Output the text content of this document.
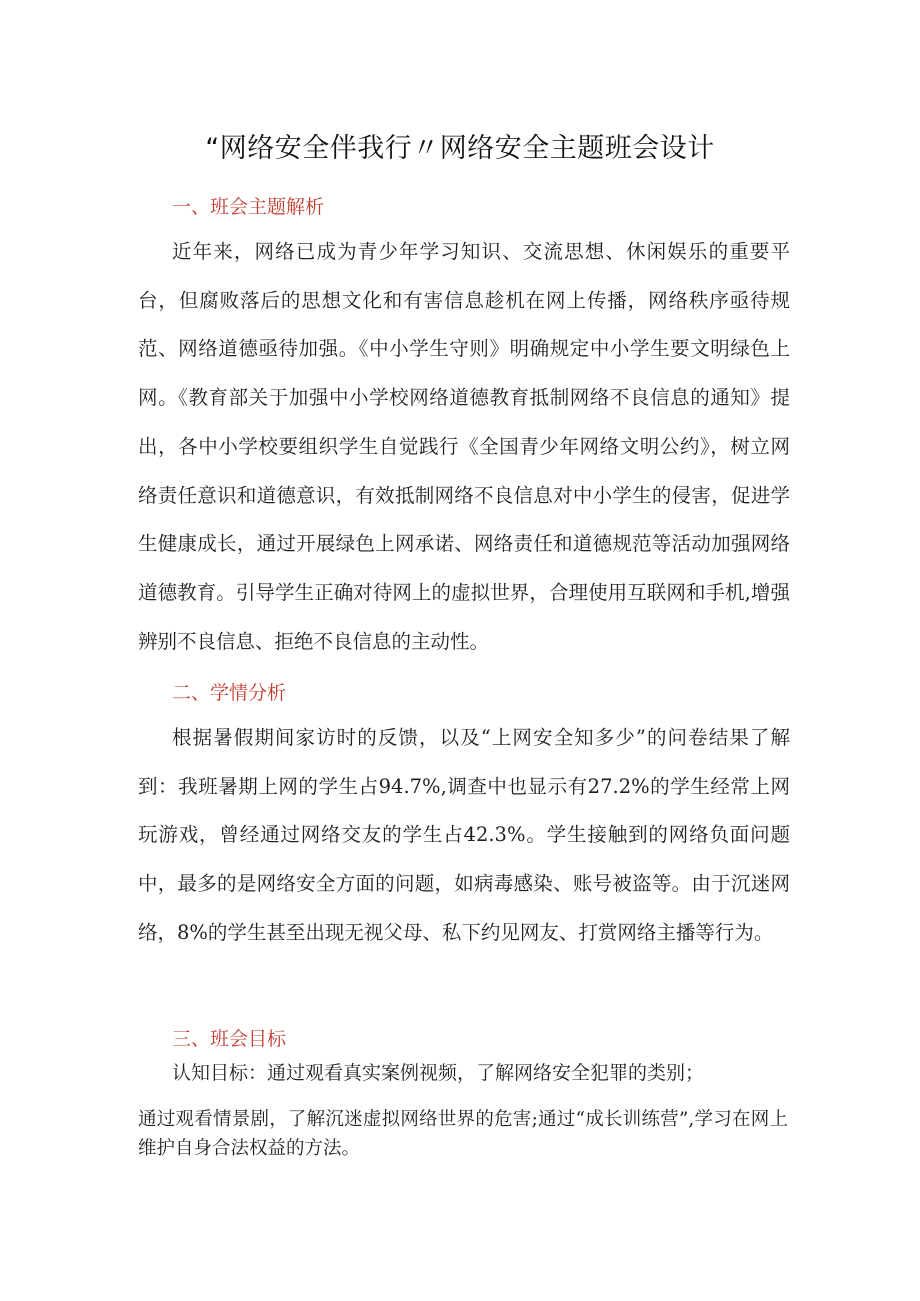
“网络安全伴我行〃网络安全主题班会设计
一、班会主题解析

近年来，网络已成为青少年学习知识、交流思想、休闲娱乐的重要平台，但腐败落后的思想文化和有害信息趁机在网上传播，网络秩序亟待规范、网络道德亟待加强。《中小学生守则》明确规定中小学生要文明绿色上网。《教育部关于加强中小学校网络道德教育抵制网络不良信息的通知》提出，各中小学校要组织学生自觉践行《全国青少年网络文明公约》，树立网络责任意识和道德意识，有效抵制网络不良信息对中小学生的侵害，促进学生健康成长，通过开展绿色上网承诺、网络责任和道德规范等活动加强网络道德教育。引导学生正确对待网上的虚拟世界，合理使用互联网和手机,增强辨别不良信息、拒绝不良信息的主动性。

二、学情分析

根据暑假期间家访时的反馈，以及“上网安全知多少”的问卷结果了解到：我班暑期上网的学生占94.7%,调查中也显示有27.2%的学生经常上网玩游戏，曾经通过网络交友的学生占42.3%。学生接触到的网络负面问题中，最多的是网络安全方面的问题，如病毒感染、账号被盗等。由于沉迷网络，8%的学生甚至出现无视父母、私下约见网友、打赏网络主播等行为。

三、班会目标
认知目标：通过观看真实案例视频，了解网络安全犯罪的类别；

通过观看情景剧，了解沉迷虚拟网络世界的危害;通过“成长训练营”,学习在网上维护自身合法权益的方法。
